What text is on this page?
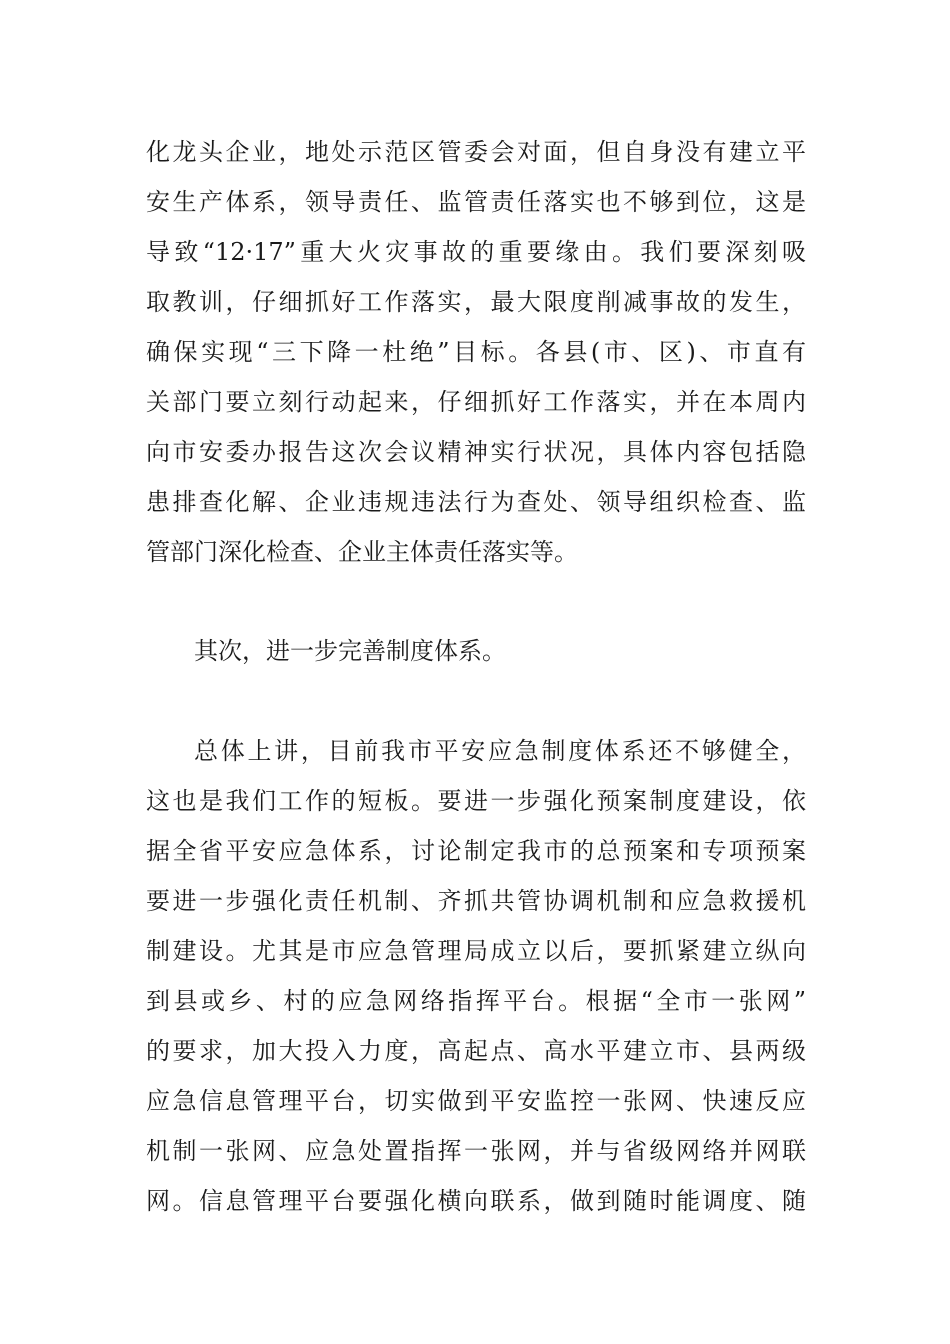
化龙头企业，地处示范区管委会对面，但自身没有建立平
安生产体系，领导责任、监管责任落实也不够到位，这是
导致“12·17”重大火灾事故的重要缘由。我们要深刻吸
取教训，仔细抓好工作落实，最大限度削减事故的发生，
确保实现“三下降一杜绝”目标。各县(市、区)、市直有
关部门要立刻行动起来，仔细抓好工作落实，并在本周内
向市安委办报告这次会议精神实行状况，具体内容包括隐
患排查化解、企业违规违法行为查处、领导组织检查、监
管部门深化检查、企业主体责任落实等。
其次，进一步完善制度体系。
总体上讲，目前我市平安应急制度体系还不够健全，
这也是我们工作的短板。要进一步强化预案制度建设，依
据全省平安应急体系，讨论制定我市的总预案和专项预案
要进一步强化责任机制、齐抓共管协调机制和应急救援机
制建设。尤其是市应急管理局成立以后，要抓紧建立纵向
到县或乡、村的应急网络指挥平台。根据“全市一张网”
的要求，加大投入力度，高起点、高水平建立市、县两级
应急信息管理平台，切实做到平安监控一张网、快速反应
机制一张网、应急处置指挥一张网，并与省级网络并网联
网。信息管理平台要强化横向联系，做到随时能调度、随
